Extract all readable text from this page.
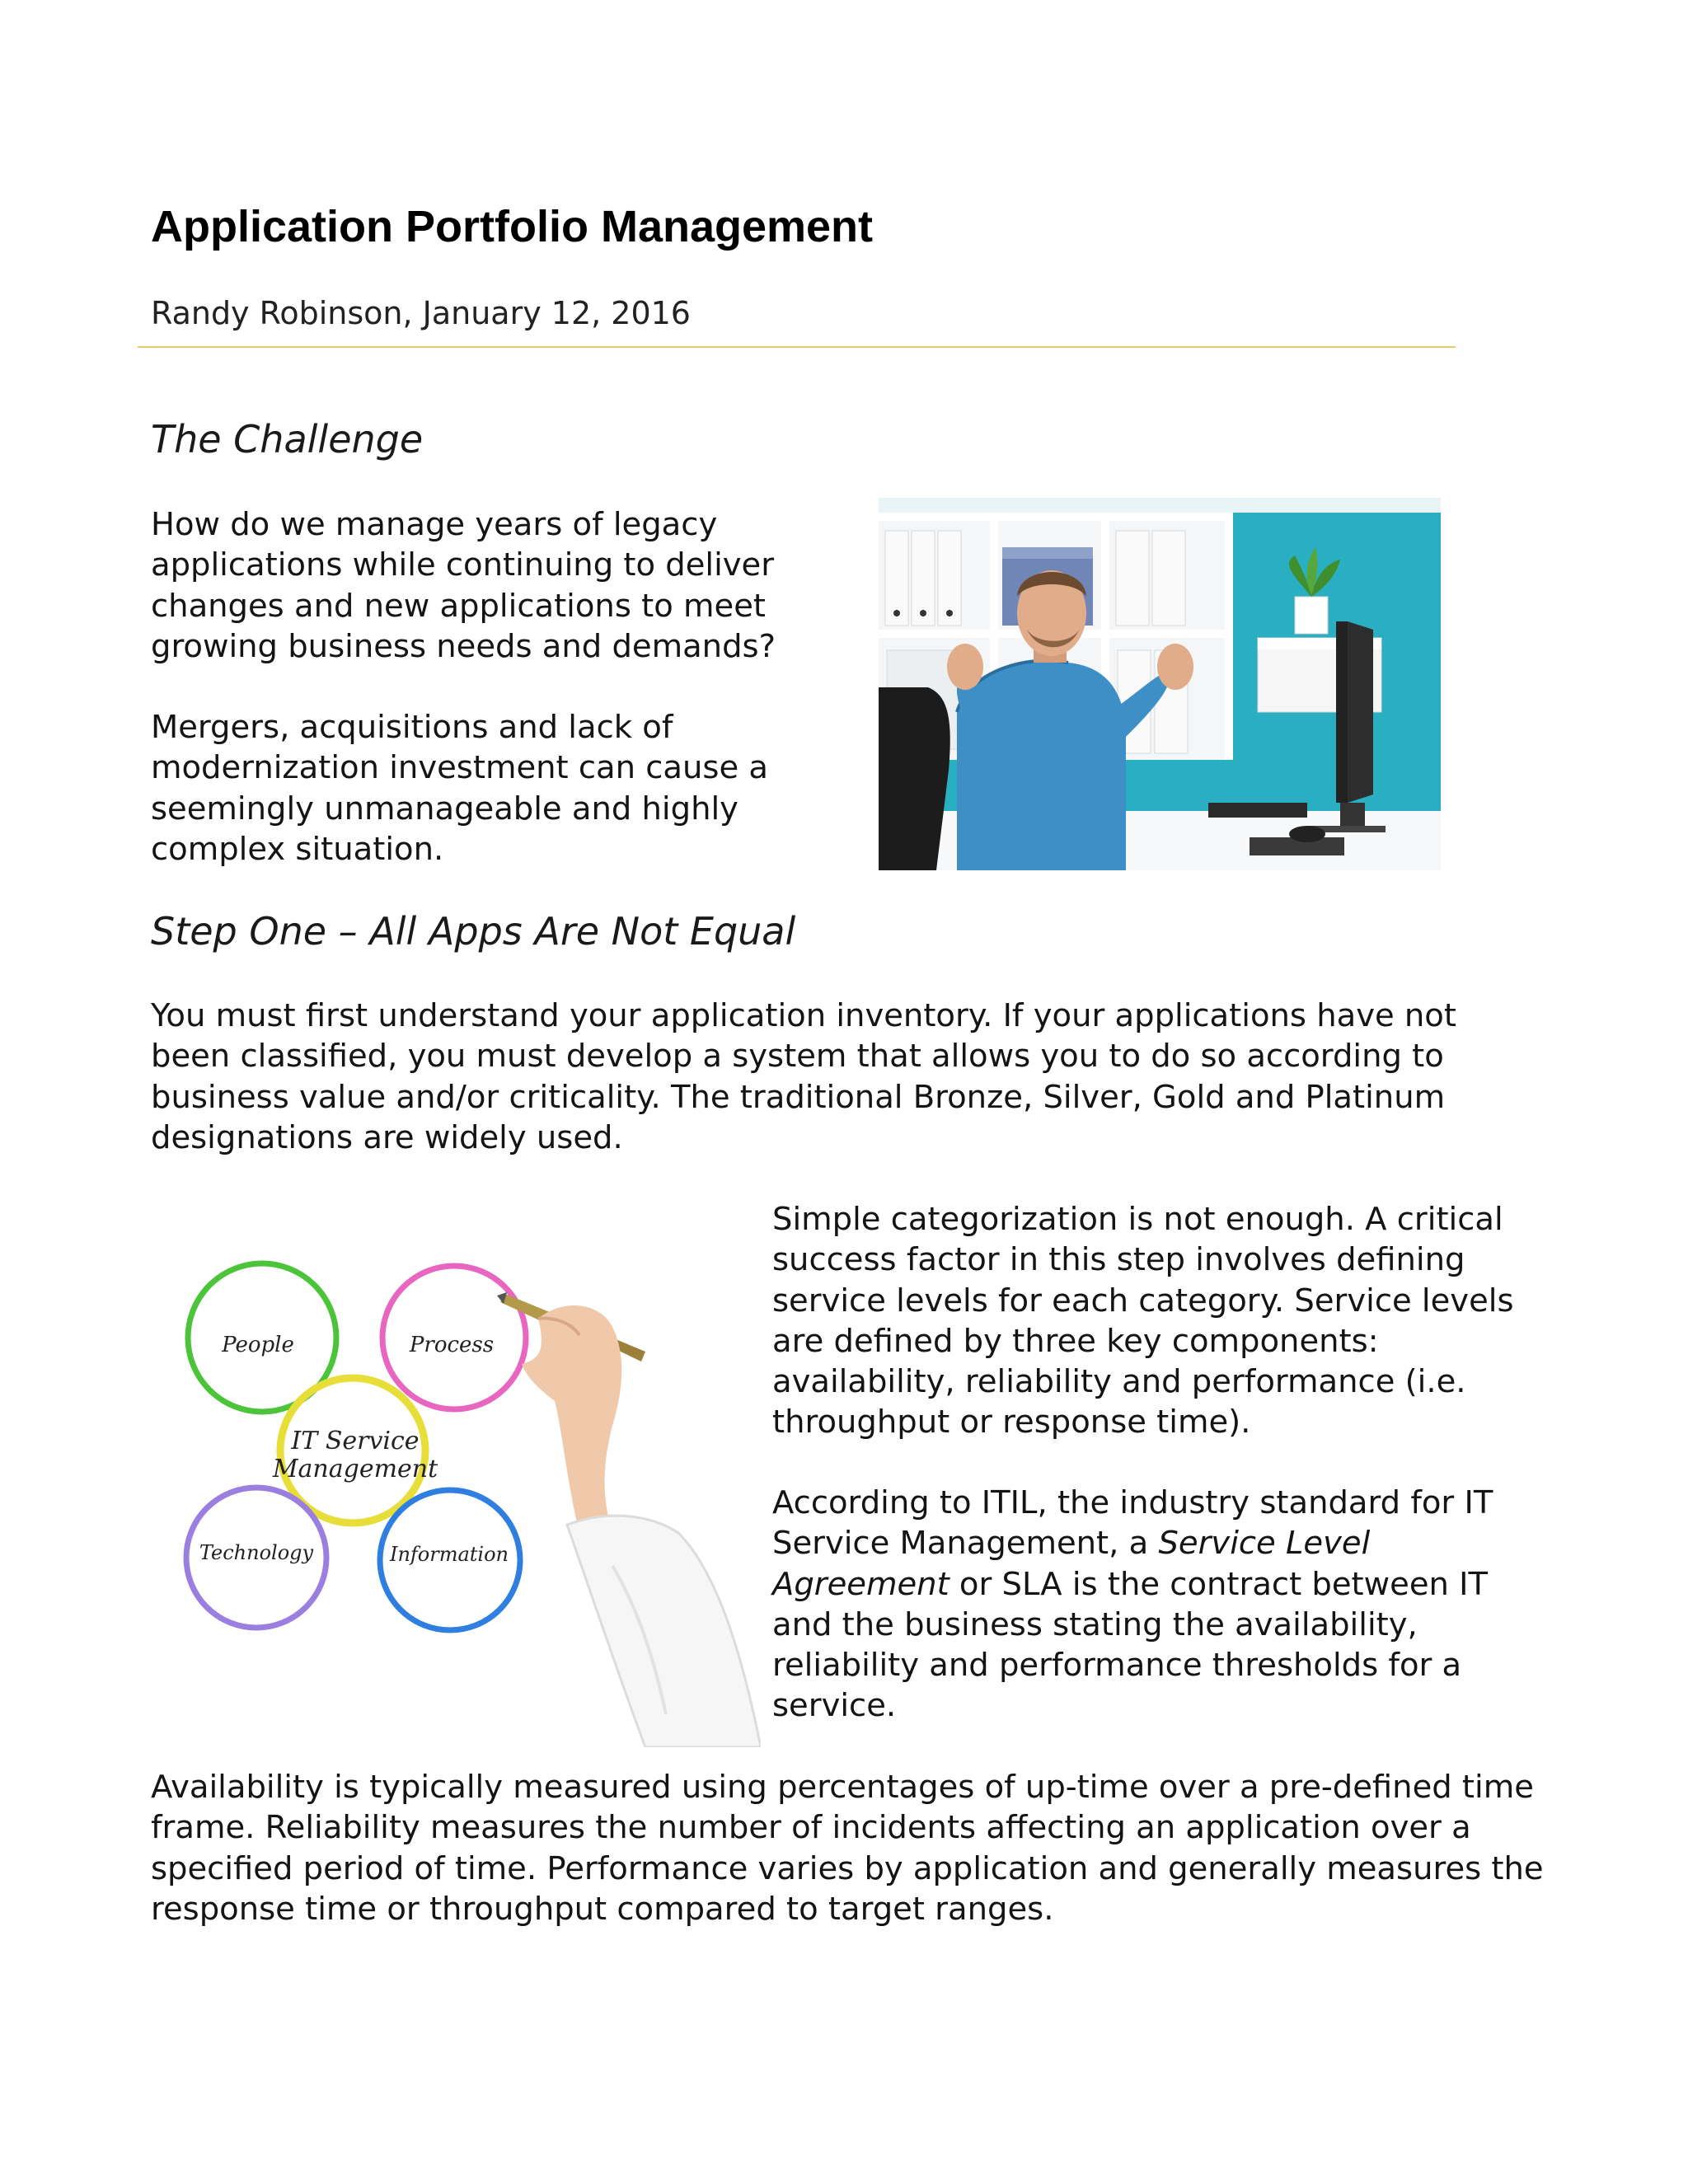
Application Portfolio Management
Randy Robinson, January 12, 2016
The Challenge

How do we manage years of legacy applications while continuing to deliver changes and new applications to meet growing business needs and demands?

Mergers, acquisitions and lack of modernization investment can cause a seemingly unmanageable and highly complex situation.

Step One – All Apps Are Not Equal

You must first understand your application inventory. If your applications have not been classified, you must develop a system that allows you to do so according to business value and/or criticality. The traditional Bronze, Silver, Gold and Platinum designations are widely used.

People	Process
IT Service
Management
Technology	Information

Simple categorization is not enough. A critical success factor in this step involves defining service levels for each category. Service levels are defined by three key components: availability, reliability and performance (i.e. throughput or response time).

According to ITIL, the industry standard for IT Service Management, a Service Level Agreement or SLA is the contract between IT and the business stating the availability, reliability and performance thresholds for a service.

Availability is typically measured using percentages of up-time over a pre-defined time frame. Reliability measures the number of incidents affecting an application over a specified period of time. Performance varies by application and generally measures the response time or throughput compared to target ranges.
